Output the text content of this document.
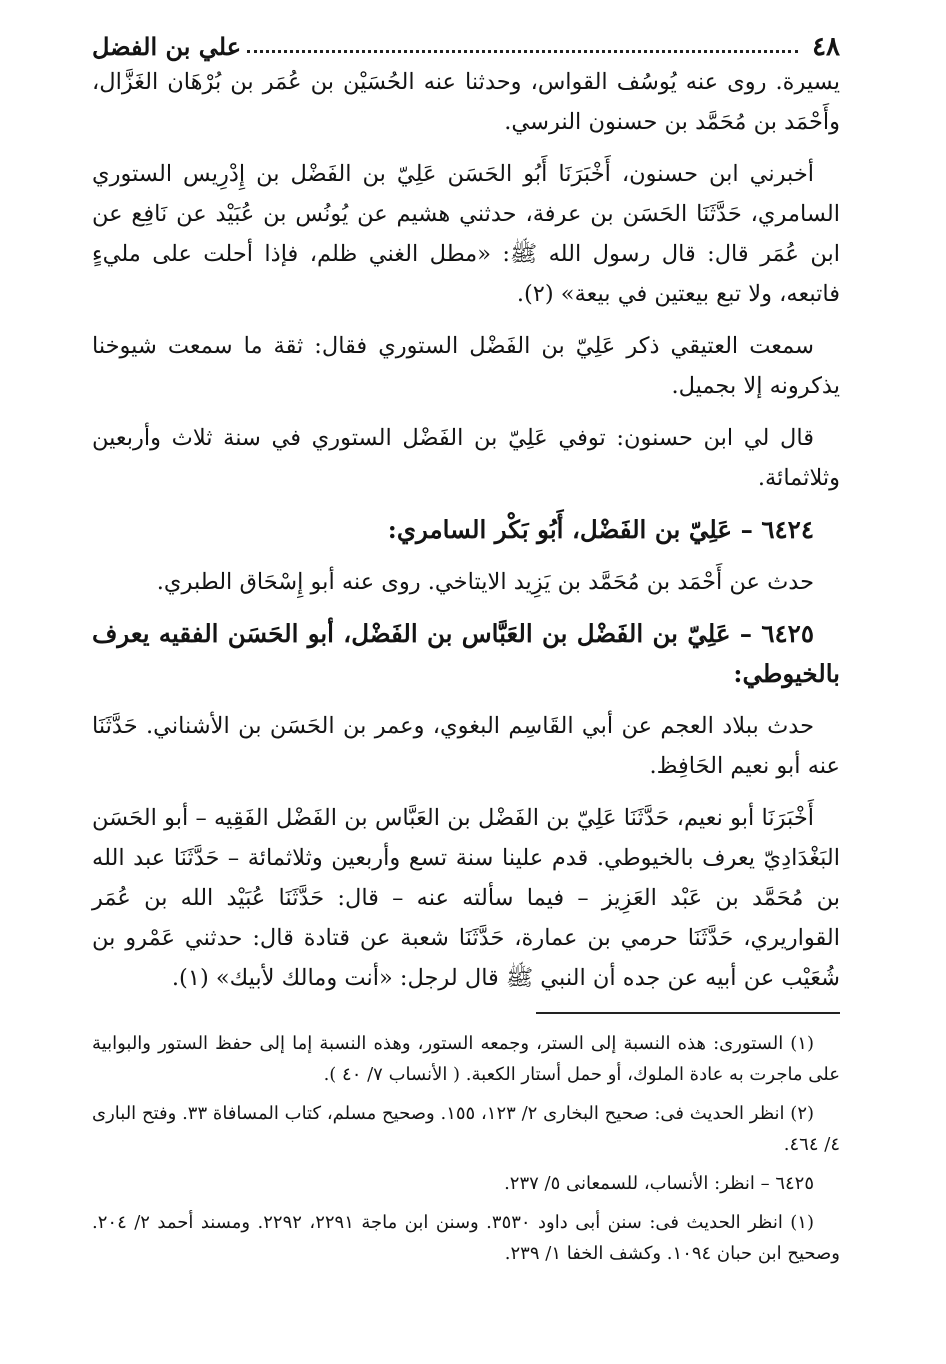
٤٨
علي بن الفضل

يسيرة. روى عنه يُوسُف القواس، وحدثنا عنه الحُسَيْن بن عُمَر بن بُرْهَان الغَزَّال، وأَحْمَد بن مُحَمَّد بن حسنون النرسي.

أخبرني ابن حسنون، أَخْبَرَنَا أَبُو الحَسَن عَلِيّ بن الفَضْل بن إِدْرِيس الستوري السامري، حَدَّثَنَا الحَسَن بن عرفة، حدثني هشيم عن يُونُس بن عُبَيْد عن نَافِع عن ابن عُمَر قال: قال رسول الله ﷺ: «مطل الغني ظلم، فإذا أحلت على مليءٍ فاتبعه، ولا تبع بيعتين في بيعة» (٢).

سمعت العتيقي ذكر عَلِيّ بن الفَضْل الستوري فقال: ثقة ما سمعت شيوخنا يذكرونه إلا بجميل.

قال لي ابن حسنون: توفي عَلِيّ بن الفَضْل الستوري في سنة ثلاث وأربعين وثلاثمائة.

٦٤٢٤ – عَلِيّ بن الفَضْل، أَبُو بَكْر السامري:

حدث عن أَحْمَد بن مُحَمَّد بن يَزِيد الايتاخي. روى عنه أبو إِسْحَاق الطبري.

٦٤٢٥ – عَلِيّ بن الفَضْل بن العَبَّاس بن الفَضْل، أبو الحَسَن الفقيه يعرف بالخيوطي:

حدث ببلاد العجم عن أبي القَاسِم البغوي، وعمر بن الحَسَن بن الأشناني. حَدَّثَنَا عنه أبو نعيم الحَافِظ.

أَخْبَرَنَا أبو نعيم، حَدَّثَنَا عَلِيّ بن الفَضْل بن العَبَّاس بن الفَضْل الفَقِيه – أبو الحَسَن البَغْدَادِيّ يعرف بالخيوطي. قدم علينا سنة تسع وأربعين وثلاثمائة – حَدَّثَنَا عبد الله بن مُحَمَّد بن عَبْد العَزِيز – فيما سألته عنه – قال: حَدَّثَنَا عُبَيْد الله بن عُمَر القواريري، حَدَّثَنَا حرمي بن عمارة، حَدَّثَنَا شعبة عن قتادة قال: حدثني عَمْرو بن شُعَيْب عن أبيه عن جده أن النبي ﷺ قال لرجل: «أنت ومالك لأبيك» (١).

(١) الستورى: هذه النسبة إلى الستر، وجمعه الستور، وهذه النسبة إما إلى حفظ الستور والبوابية على ماجرت به عادة الملوك، أو حمل أستار الكعبة. ( الأنساب ٧/ ٤٠ ).

(٢) انظر الحديث فى: صحيح البخارى ٢/ ١٢٣، ١٥٥. وصحيح مسلم، كتاب المسافاة ٣٣. وفتح البارى ٤/ ٤٦٤.

٦٤٢٥ – انظر: الأنساب، للسمعانى ٥/ ٢٣٧.

(١) انظر الحديث فى: سنن أبى داود ٣٥٣٠. وسنن ابن ماجة ٢٢٩١، ٢٢٩٢. ومسند أحمد ٢/ ٢٠٤. وصحيح ابن حبان ١٠٩٤. وكشف الخفا ١/ ٢٣٩.
